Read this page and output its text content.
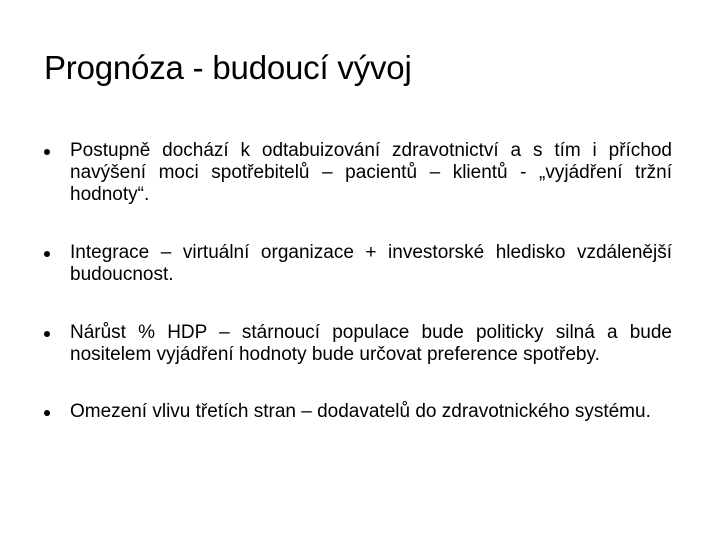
Prognóza - budoucí vývoj
Postupně dochází k odtabuizování zdravotnictví a s tím i příchod navýšení moci spotřebitelů – pacientů – klientů - „vyjádření tržní hodnoty“.
Integrace – virtuální organizace + investorské hledisko vzdálenější budoucnost.
Nárůst % HDP – stárnoucí populace bude politicky silná a bude nositelem vyjádření hodnoty bude určovat preference spotřeby.
Omezení vlivu třetích stran – dodavatelů do zdravotnického systému.
